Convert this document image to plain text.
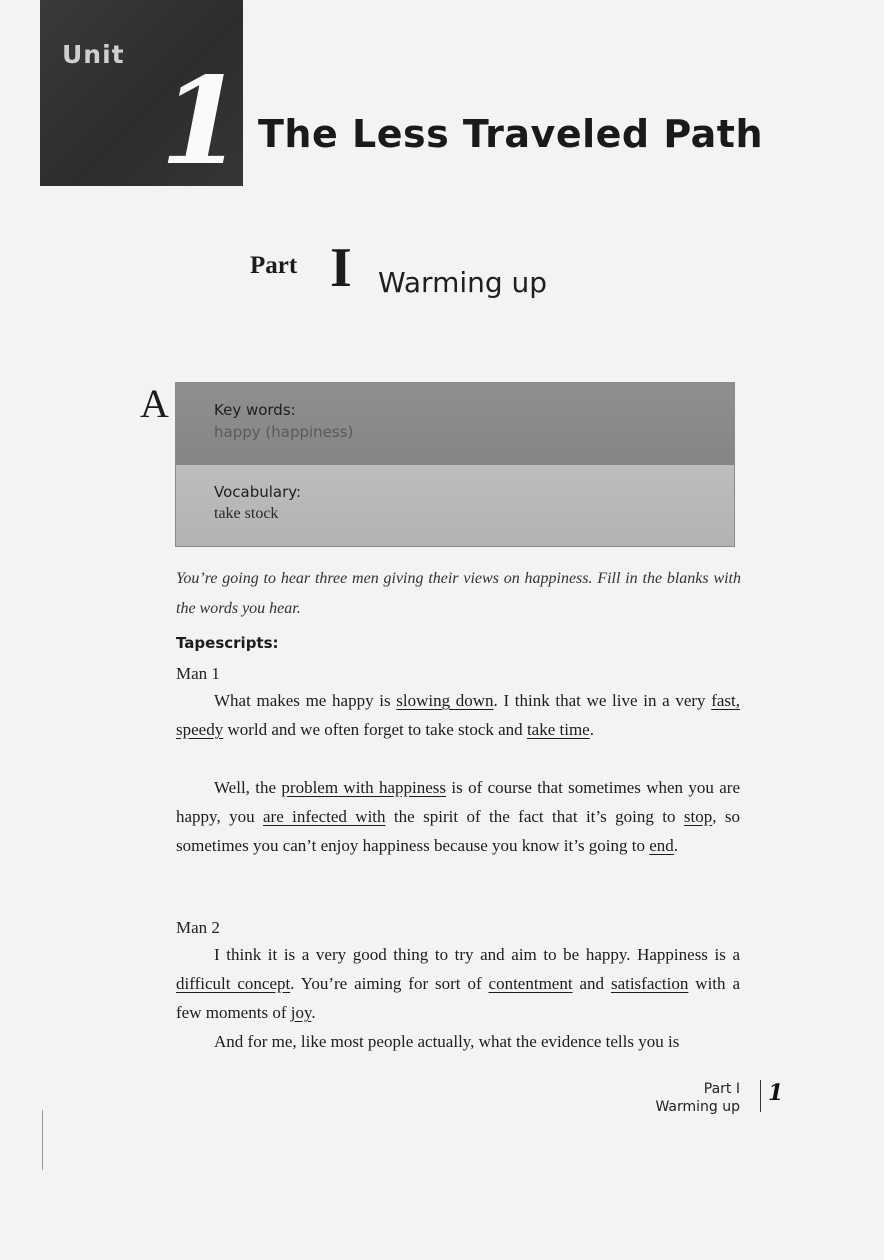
Unit 1 The Less Traveled Path
Part I Warming up
A	Key words:
happy (happiness)
Vocabulary:
take stock
You’re going to hear three men giving their views on happiness. Fill in the blanks with the words you hear.
Tapescripts:
Man 1
What makes me happy is slowing down. I think that we live in a very fast, speedy world and we often forget to take stock and take time.
Well, the problem with happiness is of course that sometimes when you are happy, you are infected with the spirit of the fact that it’s going to stop, so sometimes you can’t enjoy happiness because you know it’s going to end.
Man 2
I think it is a very good thing to try and aim to be happy. Happiness is a difficult concept. You’re aiming for sort of contentment and satisfaction with a few moments of joy.
And for me, like most people actually, what the evidence tells you is
Part I
Warming up
1
